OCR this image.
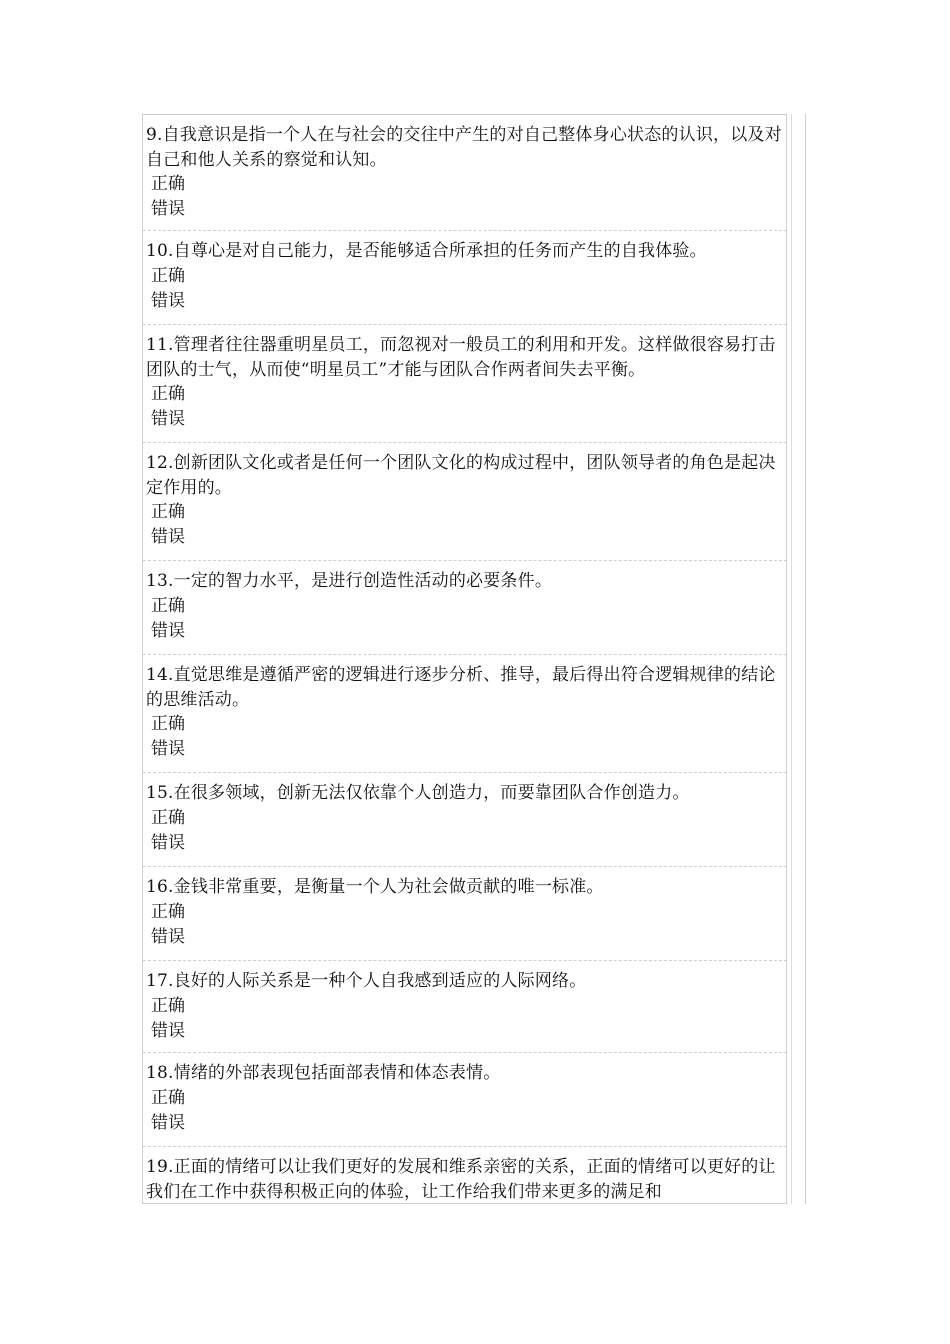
9.自我意识是指一个人在与社会的交往中产生的对自己整体身心状态的认识，以及对自己和他人关系的察觉和认知。

正确
错误

10.自尊心是对自己能力，是否能够适合所承担的任务而产生的自我体验。

正确
错误

11.管理者往往器重明星员工，而忽视对一般员工的利用和开发。这样做很容易打击团队的士气，从而使“明星员工”才能与团队合作两者间失去平衡。

正确
错误

12.创新团队文化或者是任何一个团队文化的构成过程中，团队领导者的角色是起决定作用的。

正确
错误

13.一定的智力水平，是进行创造性活动的必要条件。

正确
错误

14.直觉思维是遵循严密的逻辑进行逐步分析、推导，最后得出符合逻辑规律的结论的思维活动。

正确
错误

15.在很多领域，创新无法仅依靠个人创造力，而要靠团队合作创造力。

正确
错误

16.金钱非常重要，是衡量一个人为社会做贡献的唯一标准。

正确
错误

17.良好的人际关系是一种个人自我感到适应的人际网络。

正确
错误

18.情绪的外部表现包括面部表情和体态表情。

正确
错误

19.正面的情绪可以让我们更好的发展和维系亲密的关系，正面的情绪可以更好的让我们在工作中获得积极正向的体验，让工作给我们带来更多的满足和
